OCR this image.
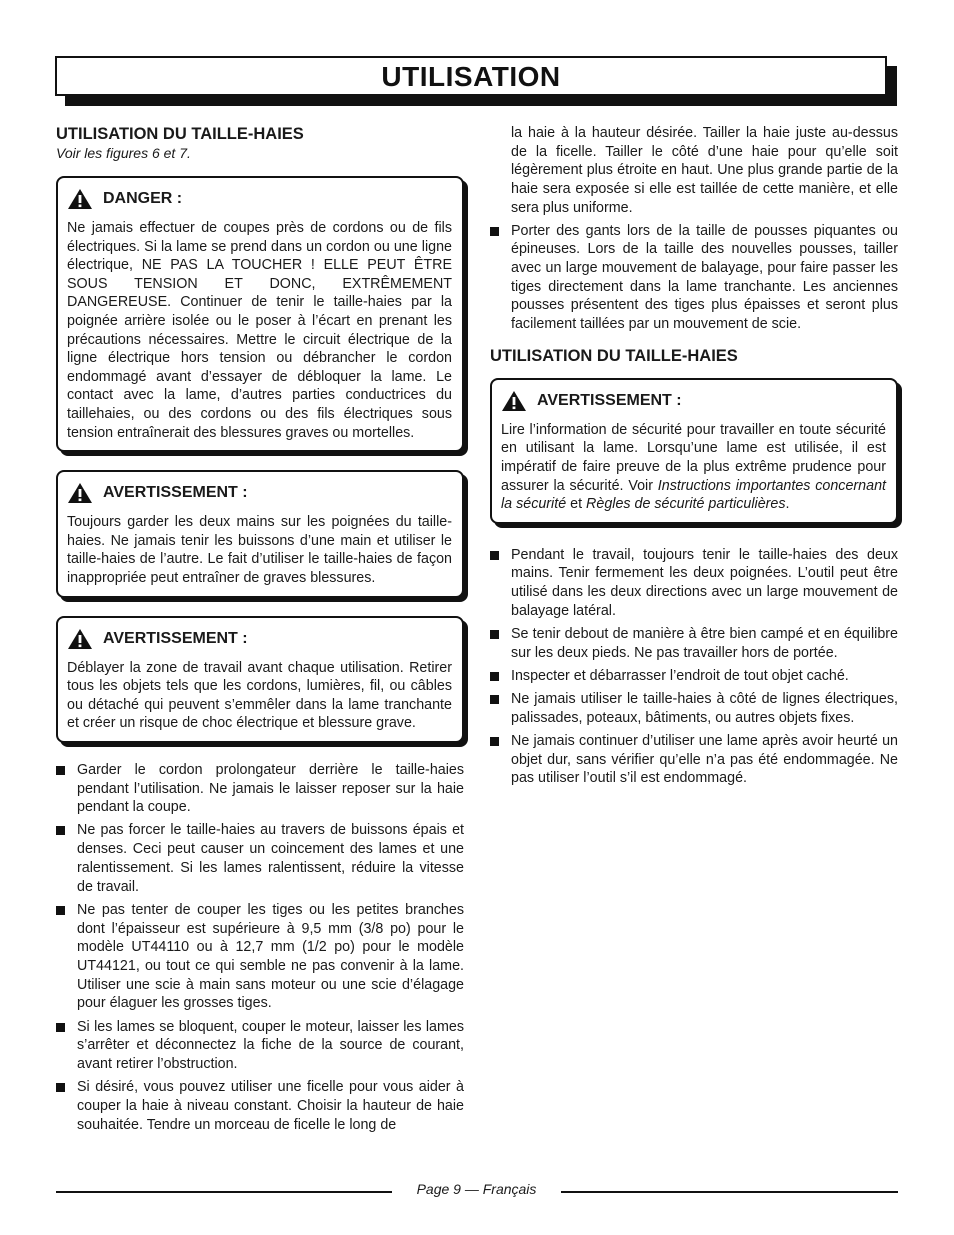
UTILISATION

UTILISATION DU TAILLE-HAIES

Voir les figures 6 et 7.

DANGER :

Ne jamais effectuer de coupes près de cordons ou de fils électriques. Si la lame se prend dans un cordon ou une ligne électrique, NE PAS LA TOUCHER ! ELLE PEUT ÊTRE SOUS TENSION ET DONC, EXTRÊMEMENT DANGEREUSE. Continuer de tenir le taille-haies par la poignée arrière isolée ou le poser à l’écart en prenant les précautions nécessaires. Mettre le circuit électrique de la ligne électrique hors tension ou débrancher le cordon endommagé avant d’essayer de débloquer la lame. Le contact avec la lame, d’autres parties conductrices du taillehaies, ou des cordons ou des fils électriques sous tension entraînerait des blessures graves ou mortelles.

AVERTISSEMENT :

Toujours garder les deux mains sur les poignées du taille-haies. Ne jamais tenir les buissons d’une main et utiliser le taille-haies de l’autre. Le fait d’utiliser le taille-haies de façon inappropriée peut entraîner de graves blessures.

AVERTISSEMENT :

Déblayer la zone de travail avant chaque utilisation. Retirer tous les objets tels que les cordons, lumières, fil, ou câbles ou détaché qui peuvent s’emmêler dans la lame tranchante et créer un risque de choc électrique et blessure grave.

Garder le cordon prolongateur derrière le taille-haies pendant l’utilisation. Ne jamais le laisser reposer sur la haie pendant la coupe.
Ne pas forcer le taille-haies au travers de buissons épais et denses. Ceci peut causer un coincement des lames et une ralentissement. Si les lames ralentissent, réduire la vitesse de travail.
Ne pas tenter de couper les tiges ou les petites branches dont l’épaisseur est supérieure à 9,5 mm (3/8 po) pour le modèle UT44110 ou à 12,7 mm (1/2 po) pour le modèle UT44121, ou tout ce qui semble ne pas convenir à la lame. Utiliser une scie à main sans moteur ou une scie d’élagage pour élaguer les grosses tiges.
Si les lames se bloquent, couper le moteur, laisser les lames s’arrêter et déconnectez la fiche de la source de courant, avant retirer l’obstruction.
Si désiré, vous pouvez utiliser une ficelle pour vous aider à couper la haie à niveau constant. Choisir la hauteur de haie souhaitée. Tendre un morceau de ficelle le long de

la haie à la hauteur désirée. Tailler la haie juste au-dessus de la ficelle. Tailler le côté d’une haie pour qu’elle soit légèrement plus étroite en haut. Une plus grande partie de la haie sera exposée si elle est taillée de cette manière, et elle sera plus uniforme.

Porter des gants lors de la taille de pousses piquantes ou épineuses. Lors de la taille des nouvelles pousses, tailler avec un large mouvement de balayage, pour faire passer les tiges directement dans la lame tranchante. Les anciennes pousses présentent des tiges plus épaisses et seront plus facilement taillées par un mouvement de scie.

UTILISATION DU TAILLE-HAIES

AVERTISSEMENT :

Lire l’information de sécurité pour travailler en toute sécurité en utilisant la lame. Lorsqu’une lame est utilisée, il est impératif de faire preuve de la plus extrême prudence pour assurer la sécurité. Voir Instructions importantes concernant la sécurité et Règles de sécurité particulières.

Pendant le travail, toujours tenir le taille-haies des deux mains. Tenir fermement les deux poignées. L’outil peut être utilisé dans les deux directions avec un large mouvement de balayage latéral.
Se tenir debout de manière à être bien campé et en équilibre sur les deux pieds. Ne pas travailler hors de portée.
Inspecter et débarrasser l’endroit de tout objet caché.
Ne jamais utiliser le taille-haies à côté de lignes électriques, palissades, poteaux, bâtiments, ou autres objets fixes.
Ne jamais continuer d’utiliser une lame après avoir heurté un objet dur, sans vérifier qu’elle n’a pas été endommagée. Ne pas utiliser l’outil s’il est endommagé.
Page 9 — Français
